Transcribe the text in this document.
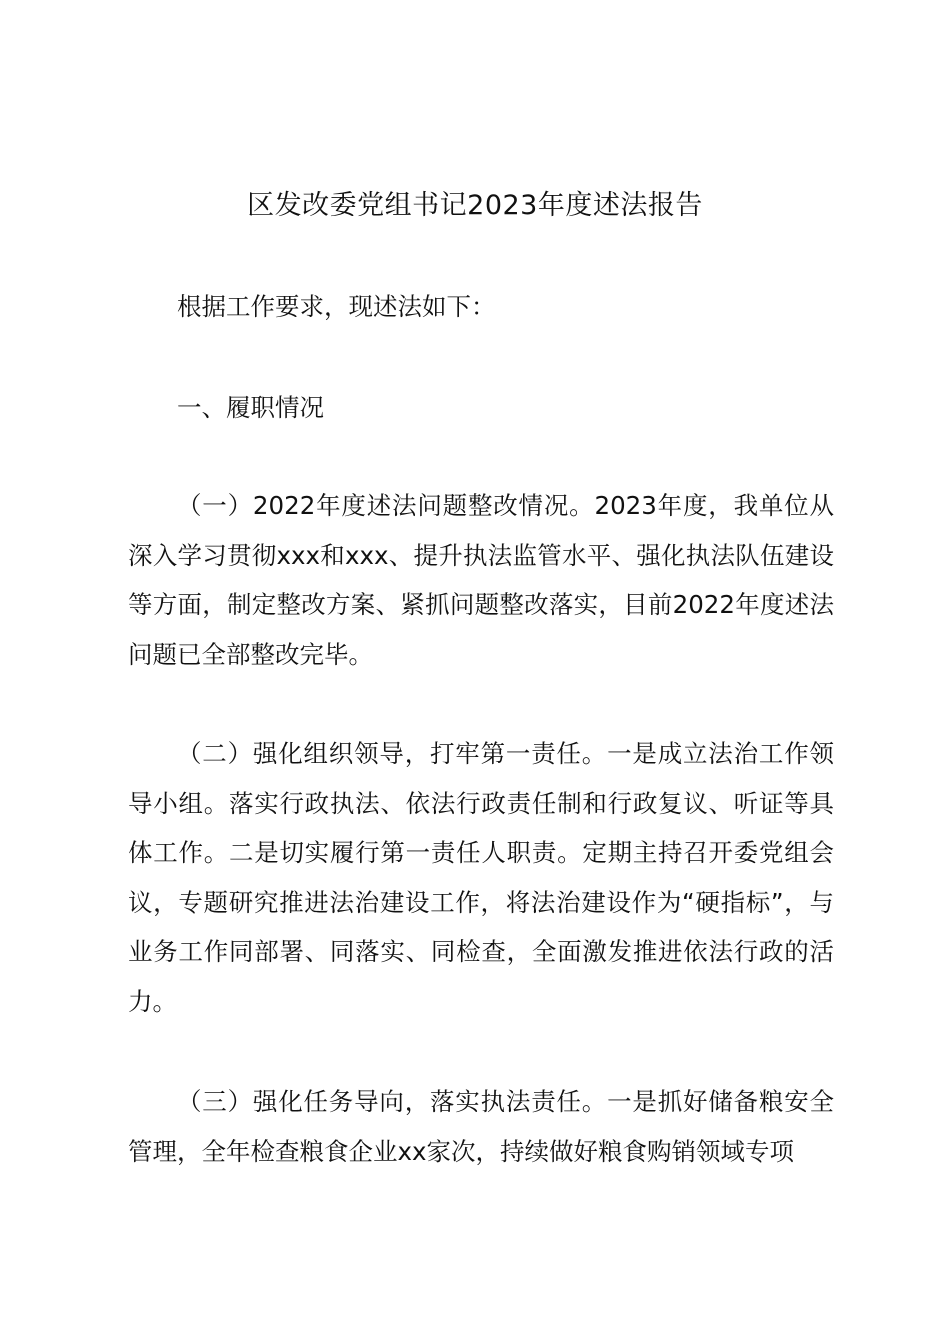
区发改委党组书记2023年度述法报告

根据工作要求，现述法如下：

一、履职情况

（一）2022年度述法问题整改情况。2023年度，我单位从深入学习贯彻xxx和xxx、提升执法监管水平、强化执法队伍建设等方面，制定整改方案、紧抓问题整改落实，目前2022年度述法问题已全部整改完毕。

（二）强化组织领导，打牢第一责任。一是成立法治工作领导小组。落实行政执法、依法行政责任制和行政复议、听证等具体工作。二是切实履行第一责任人职责。定期主持召开委党组会议，专题研究推进法治建设工作，将法治建设作为“硬指标”，与业务工作同部署、同落实、同检查，全面激发推进依法行政的活力。

（三）强化任务导向，落实执法责任。一是抓好储备粮安全管理，全年检查粮食企业xx家次，持续做好粮食购销领域专项
